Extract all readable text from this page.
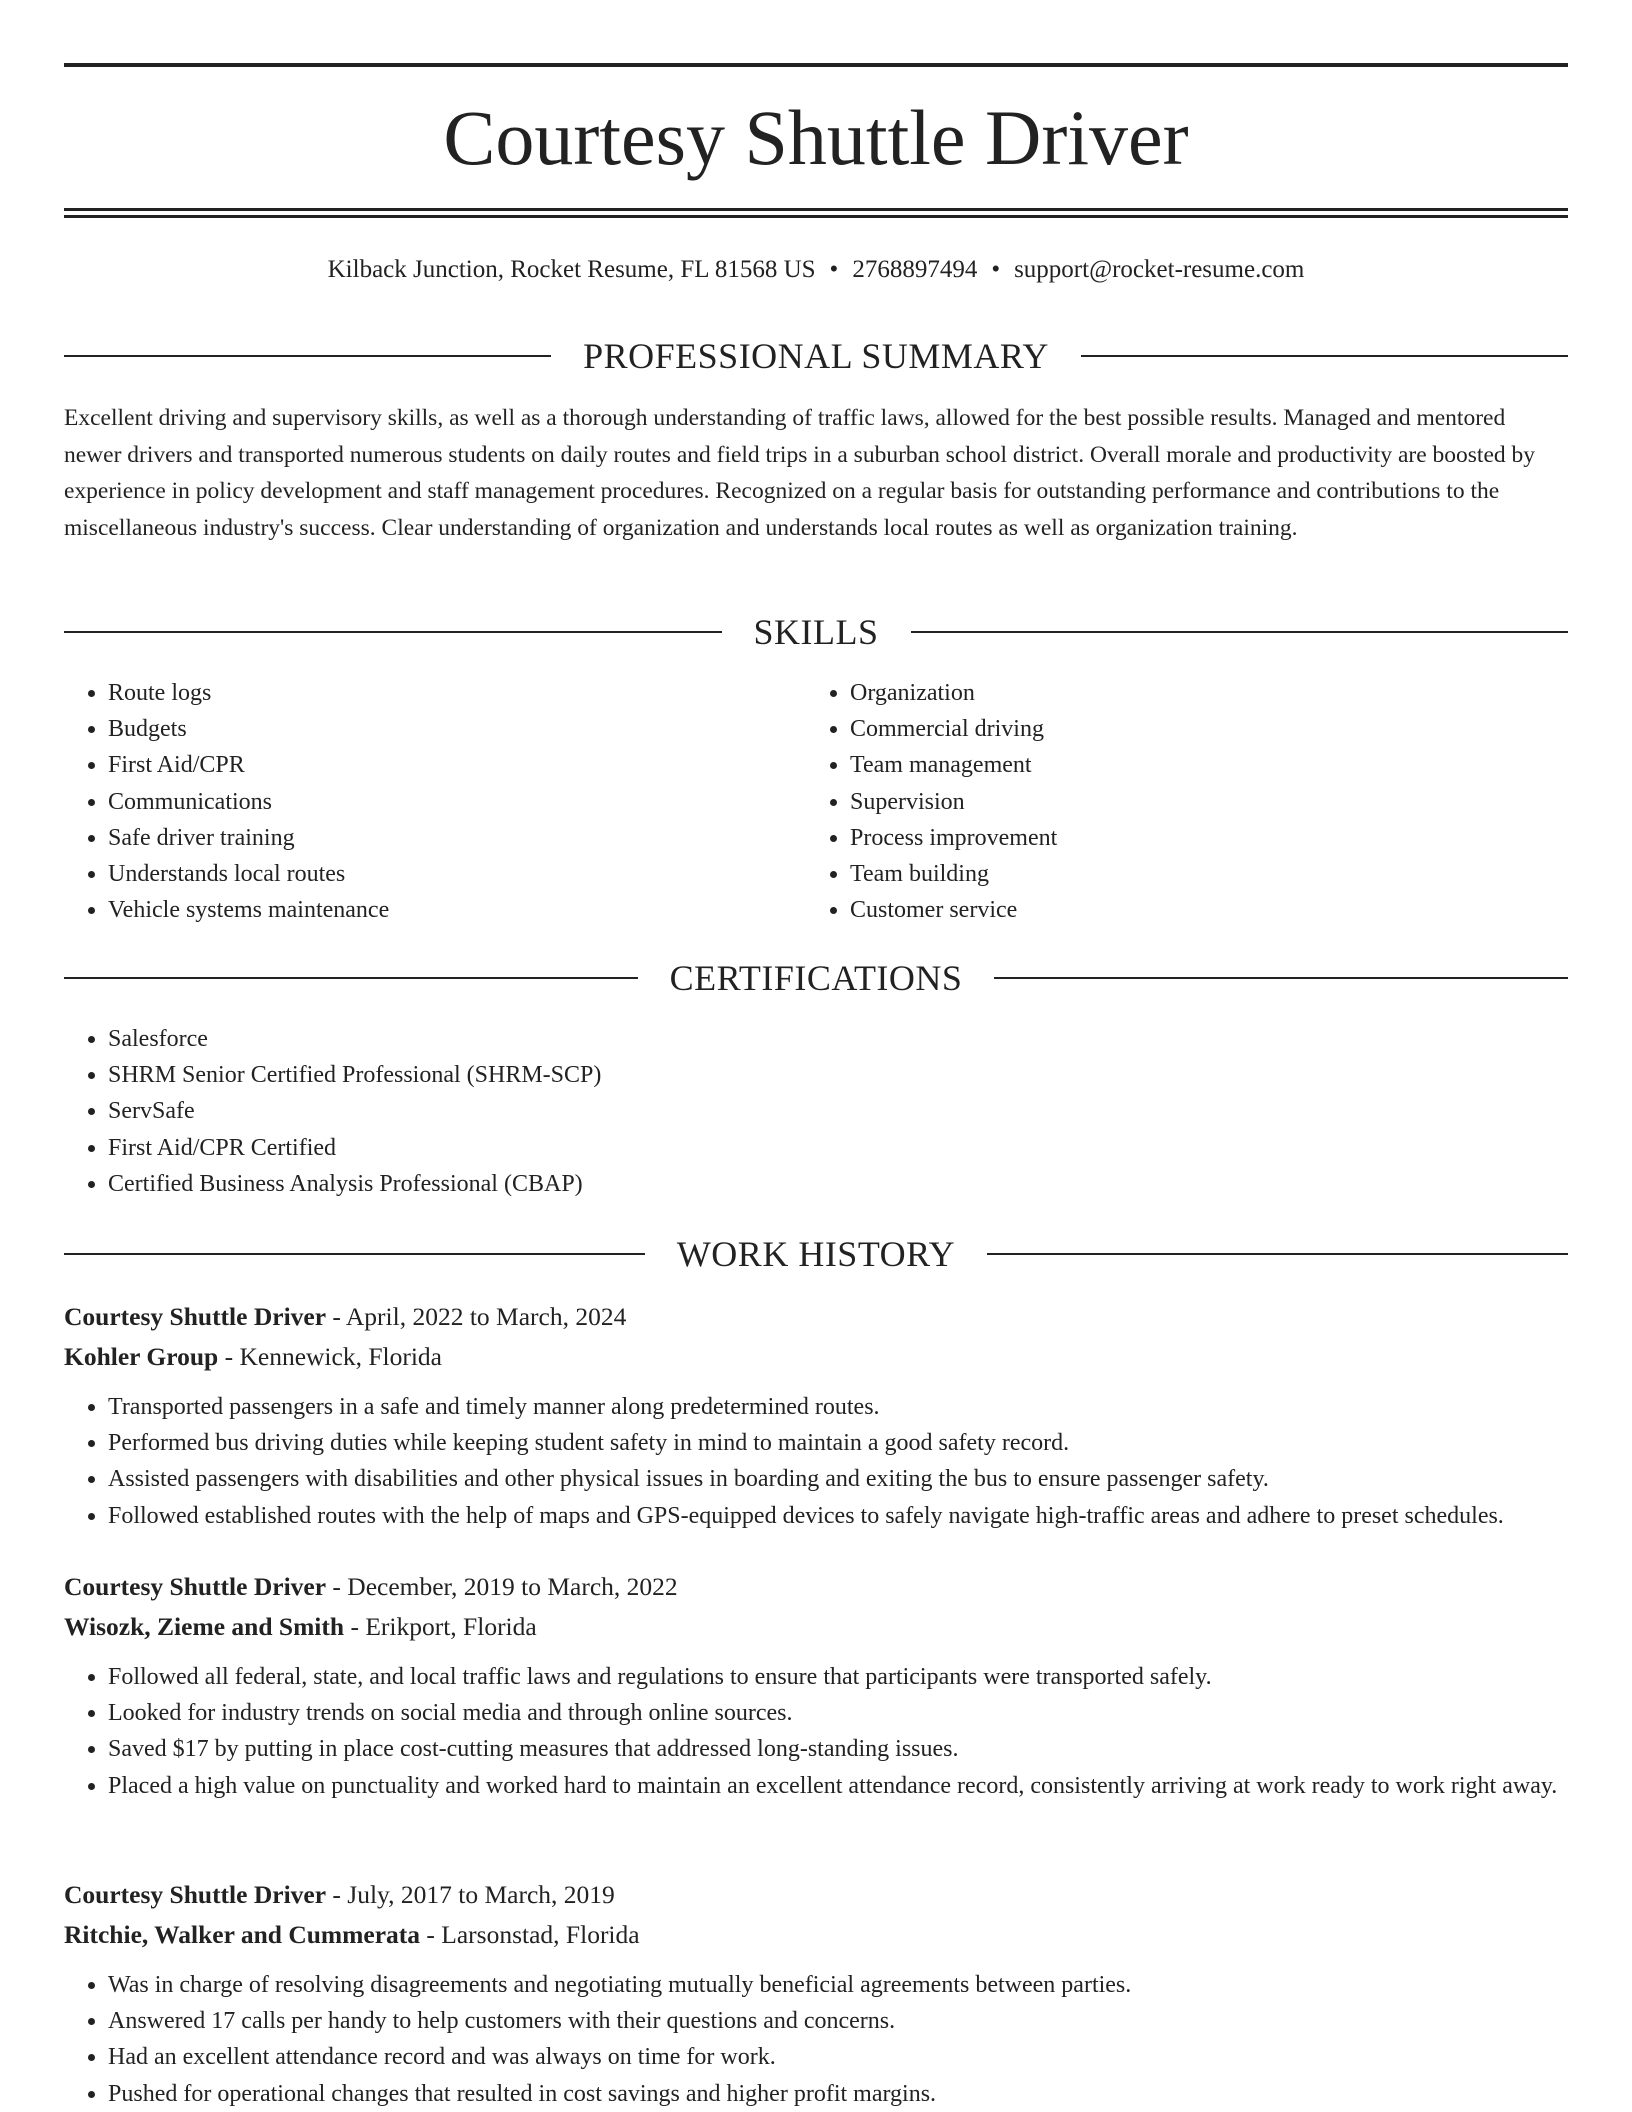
Courtesy Shuttle Driver
Kilback Junction, Rocket Resume, FL 81568 US • 2768897494 • support@rocket-resume.com
PROFESSIONAL SUMMARY

Excellent driving and supervisory skills, as well as a thorough understanding of traffic laws, allowed for the best possible results. Managed and mentored newer drivers and transported numerous students on daily routes and field trips in a suburban school district. Overall morale and productivity are boosted by experience in policy development and staff management procedures. Recognized on a regular basis for outstanding performance and contributions to the miscellaneous industry's success. Clear understanding of organization and understands local routes as well as organization training.

SKILLS
• Route logs
• Budgets
• First Aid/CPR
• Communications
• Safe driver training
• Understands local routes
• Vehicle systems maintenance
• Organization
• Commercial driving
• Team management
• Supervision
• Process improvement
• Team building
• Customer service
CERTIFICATIONS
• Salesforce
• SHRM Senior Certified Professional (SHRM-SCP)
• ServSafe
• First Aid/CPR Certified
• Certified Business Analysis Professional (CBAP)
WORK HISTORY
Courtesy Shuttle Driver - April, 2022 to March, 2024
Kohler Group - Kennewick, Florida
• Transported passengers in a safe and timely manner along predetermined routes.
• Performed bus driving duties while keeping student safety in mind to maintain a good safety record.
• Assisted passengers with disabilities and other physical issues in boarding and exiting the bus to ensure passenger safety.
• Followed established routes with the help of maps and GPS-equipped devices to safely navigate high-traffic areas and adhere to preset schedules.
Courtesy Shuttle Driver - December, 2019 to March, 2022
Wisozk, Zieme and Smith - Erikport, Florida
• Followed all federal, state, and local traffic laws and regulations to ensure that participants were transported safely.
• Looked for industry trends on social media and through online sources.
• Saved $17 by putting in place cost-cutting measures that addressed long-standing issues.
• Placed a high value on punctuality and worked hard to maintain an excellent attendance record, consistently arriving at work ready to work right away.
Courtesy Shuttle Driver - July, 2017 to March, 2019
Ritchie, Walker and Cummerata - Larsonstad, Florida
• Was in charge of resolving disagreements and negotiating mutually beneficial agreements between parties.
• Answered 17 calls per handy to help customers with their questions and concerns.
• Had an excellent attendance record and was always on time for work.
• Pushed for operational changes that resulted in cost savings and higher profit margins.
